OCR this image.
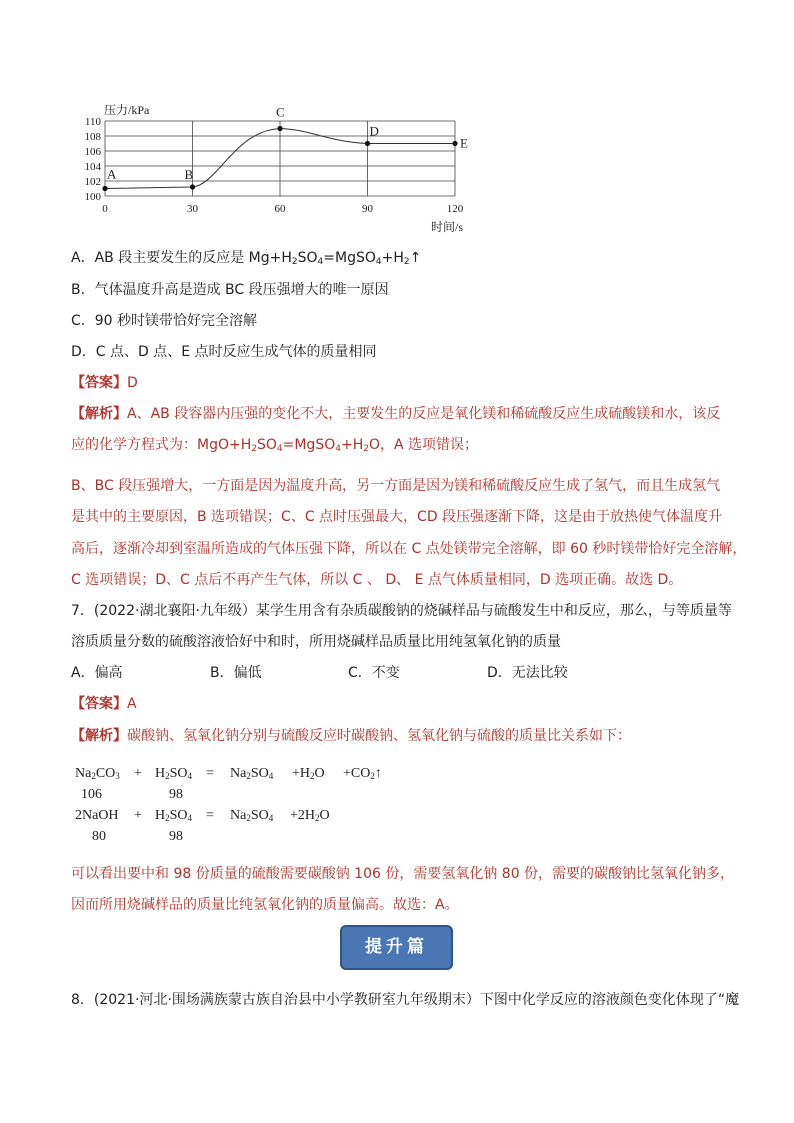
100
102
104
106
108
110
0	30	60	90	120
A	B
C
D
E
压力/kPa
时间/s
A．AB 段主要发生的反应是 $Mg+H_2SO_4=MgSO_4+H_2↑$
B．气体温度升高是造成 BC 段压强增大的唯一原因
C．90 秒时镁带恰好完全溶解
D．C 点、D 点、E 点时反应生成气体的质量相同
【答案】D
【解析】A、AB 段容器内压强的变化不大，主要发生的反应是氧化镁和稀硫酸反应生成硫酸镁和水，该反
应的化学方程式为：$MgO+H_2SO_4=MgSO_4+H_2O$，A 选项错误；
B、BC 段压强增大，一方面是因为温度升高，另一方面是因为镁和稀硫酸反应生成了氢气，而且生成氢气
是其中的主要原因，B 选项错误；C、C 点时压强最大，CD 段压强逐渐下降，这是由于放热使气体温度升
高后，逐渐冷却到室温所造成的气体压强下降，所以在 C 点处镁带完全溶解，即 60 秒时镁带恰好完全溶解，
C 选项错误；D、C 点后不再产生气体，所以 C 、 D、 E 点气体质量相同，D 选项正确。故选 D。
7．(2022·湖北襄阳·九年级）某学生用含有杂质碳酸钠的烧碱样品与硫酸发生中和反应，那么，与等质量等
溶质质量分数的硫酸溶液恰好中和时，所用烧碱样品质量比用纯氢氧化钠的质量
A．偏高	B．偏低	C．不变	D．无法比较
【答案】A
【解析】碳酸钠、氢氧化钠分别与硫酸反应时碳酸钠、氢氧化钠与硫酸的质量比关系如下：
$Na_2CO_3 + H_2SO_4 = Na_2SO_4 +H_2O$ $+CO_2↑$
106	98
2NaOH + $H_2SO_4 = Na_2SO_4 +2H_2O$
80	98
可以看出要中和 98 份质量的硫酸需要碳酸钠 106 份，需要氢氧化钠 80 份，需要的碳酸钠比氢氧化钠多，
因而所用烧碱样品的质量比纯氢氧化钠的质量偏高。故选：A。
提升篇
8．(2021·河北·围场满族蒙古族自治县中小学教研室九年级期末）下图中化学反应的溶液颜色变化体现了“魔
